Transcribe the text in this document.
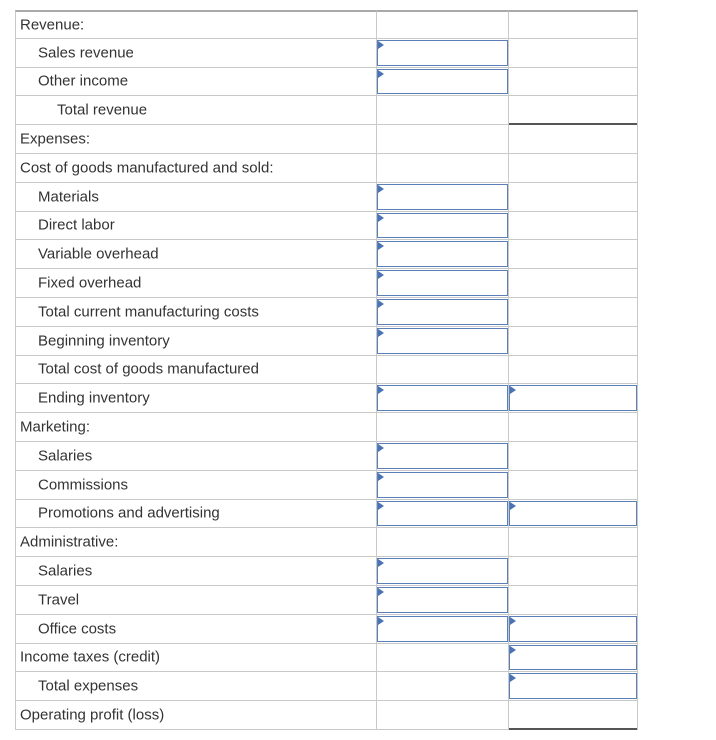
Revenue:
Sales revenue
Other income
Total revenue
Expenses:
Cost of goods manufactured and sold:
Materials
Direct labor
Variable overhead
Fixed overhead
Total current manufacturing costs
Beginning inventory
Total cost of goods manufactured
Ending inventory
Marketing:
Salaries
Commissions
Promotions and advertising
Administrative:
Salaries
Travel
Office costs
Income taxes (credit)
Total expenses
Operating profit (loss)
